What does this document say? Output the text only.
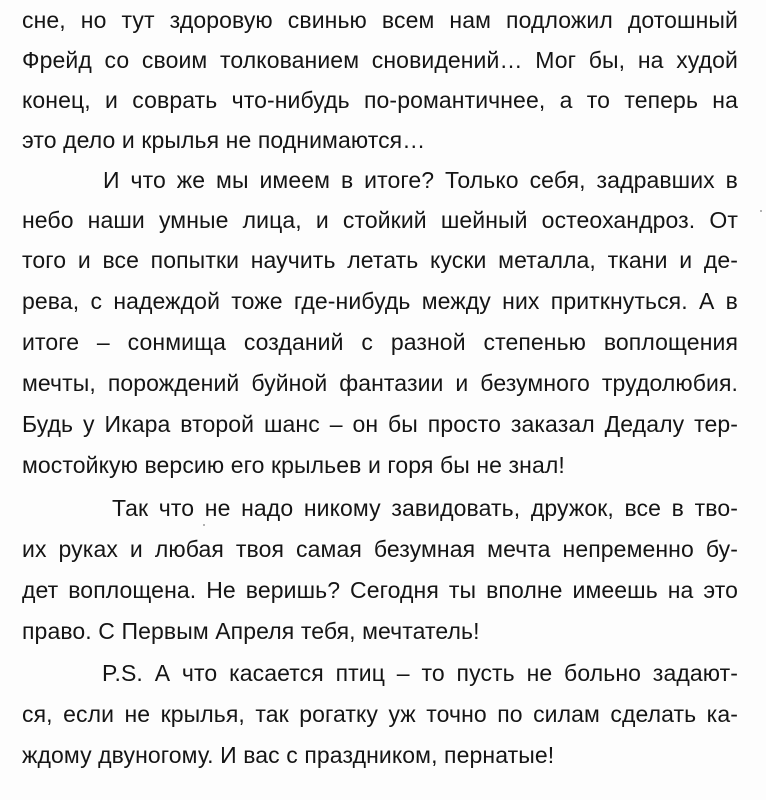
сне, но тут здоровую свинью всем нам подложил дотошный
Фрейд со своим толкованием сновидений… Мог бы, на худой
конец, и соврать что-нибудь по-романтичнее, а то теперь на
это дело и крылья не поднимаются…
И что же мы имеем в итоге? Только себя, задравших в
небо наши умные лица, и стойкий шейный остеохандроз. От
того и все попытки научить летать куски металла, ткани и де-
рева, с надеждой тоже где-нибудь между них приткнуться. А в
итоге – сонмища созданий с разной степенью воплощения
мечты, порождений буйной фантазии и безумного трудолюбия.
Будь у Икара второй шанс – он бы просто заказал Дедалу тер-
мостойкую версию его крыльев и горя бы не знал!
Так что не надо никому завидовать, дружок, все в тво-
их руках и любая твоя самая безумная мечта непременно бу-
дет воплощена. Не веришь? Сегодня ты вполне имеешь на это
право. С Первым Апреля тебя, мечтатель!
P.S. А что касается птиц – то пусть не больно задают-
ся, если не крылья, так рогатку уж точно по силам сделать ка-
ждому двуногому. И вас с праздником, пернатые!
